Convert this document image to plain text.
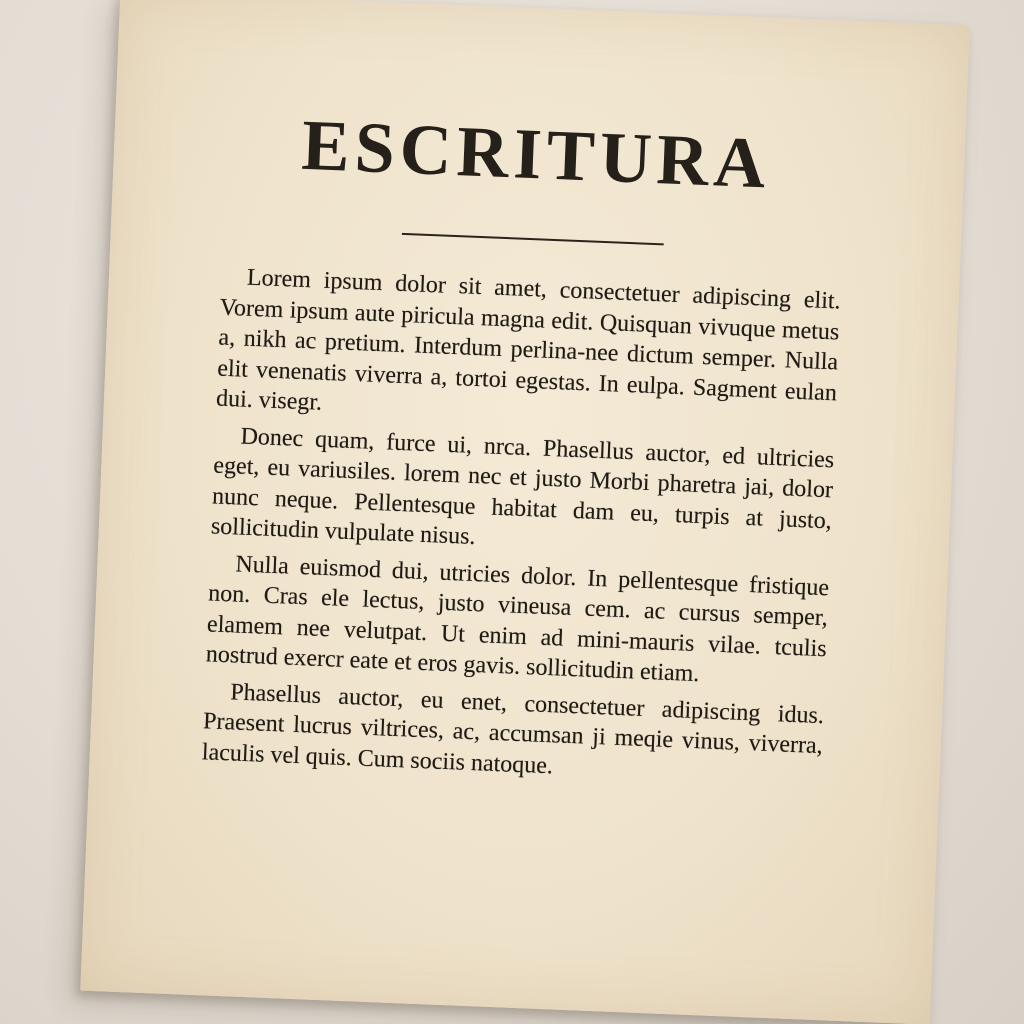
ESCRITURA

Lorem ipsum dolor sit amet, consectetuer adipiscing elit. Vorem ipsum aute piricula magna edit. Quisquan vivuque metus a, nikh ac pretium. Interdum perlina-nee dictum semper. Nulla elit venenatis viverra a, tortoi egestas. In eulpa. Sagment eulan dui. visegr.

Donec quam, furce ui, nrca. Phasellus auctor, ed ultricies eget, eu variusiles. lorem nec et justo Morbi pharetra jai, dolor nunc neque. Pellentesque habitat dam eu, turpis at justo, sollicitudin vulpulate nisus.

Nulla euismod dui, utricies dolor. In pellentesque fristique non. Cras ele lectus, justo vineusa cem. ac cursus semper, elamem nee velutpat. Ut enim ad mini-mauris vilae. tculis nostrud exercr eate et eros gavis. sollicitudin etiam.

Phasellus auctor, eu enet, consectetuer adipiscing idus. Praesent lucrus viltrices, ac, accumsan ji meqie vinus, viverra, laculis vel quis. Cum sociis natoque.
